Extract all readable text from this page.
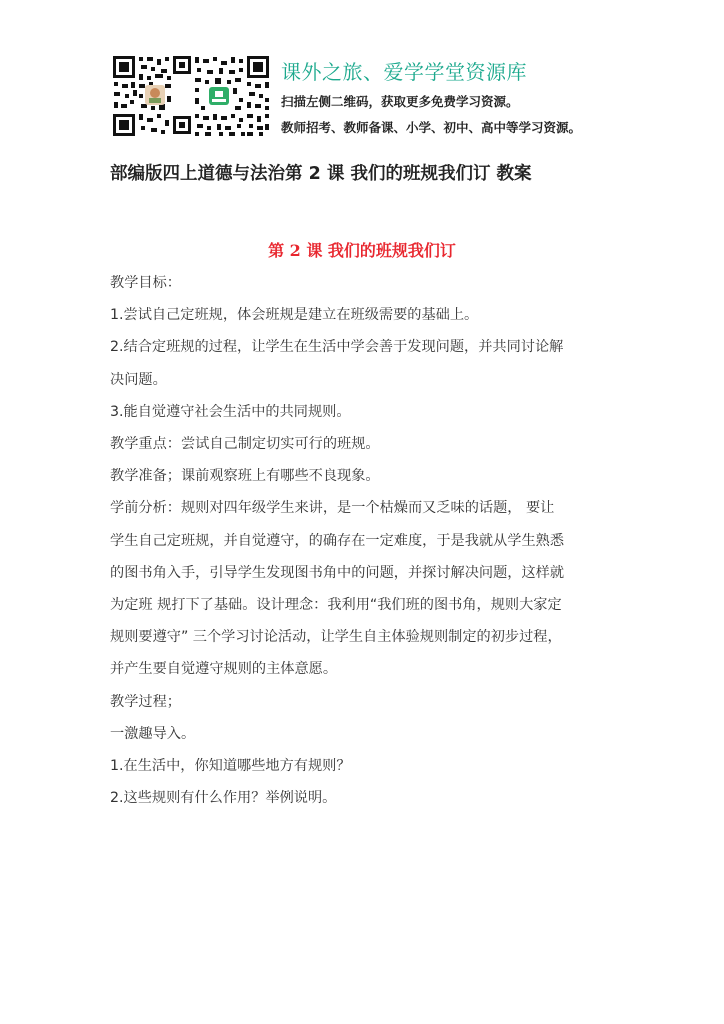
课外之旅、爱学学堂资源库
扫描左侧二维码，获取更多免费学习资源。
教师招考、教师备课、小学、初中、高中等学习资源。
部编版四上道德与法治第 2 课 我们的班规我们订 教案
第 2 课 我们的班规我们订

教学目标：

1.尝试自己定班规，体会班规是建立在班级需要的基础上。

2.结合定班规的过程，让学生在生活中学会善于发现问题，并共同讨论解

决问题。

3.能自觉遵守社会生活中的共同规则。

教学重点：尝试自己制定切实可行的班规。

教学准备；课前观察班上有哪些不良现象。

学前分析：规则对四年级学生来讲，是一个枯燥而又乏味的话题， 要让

学生自己定班规，并自觉遵守，的确存在一定难度，于是我就从学生熟悉

的图书角入手，引导学生发现图书角中的问题，并探讨解决问题，这样就

为定班 规打下了基础。设计理念：我利用“我们班的图书角，规则大家定

规则要遵守” 三个学习讨论活动，让学生自主体验规则制定的初步过程，

并产生要自觉遵守规则的主体意愿。

教学过程；

一激趣导入。

1.在生活中，你知道哪些地方有规则？

2.这些规则有什么作用？举例说明。
